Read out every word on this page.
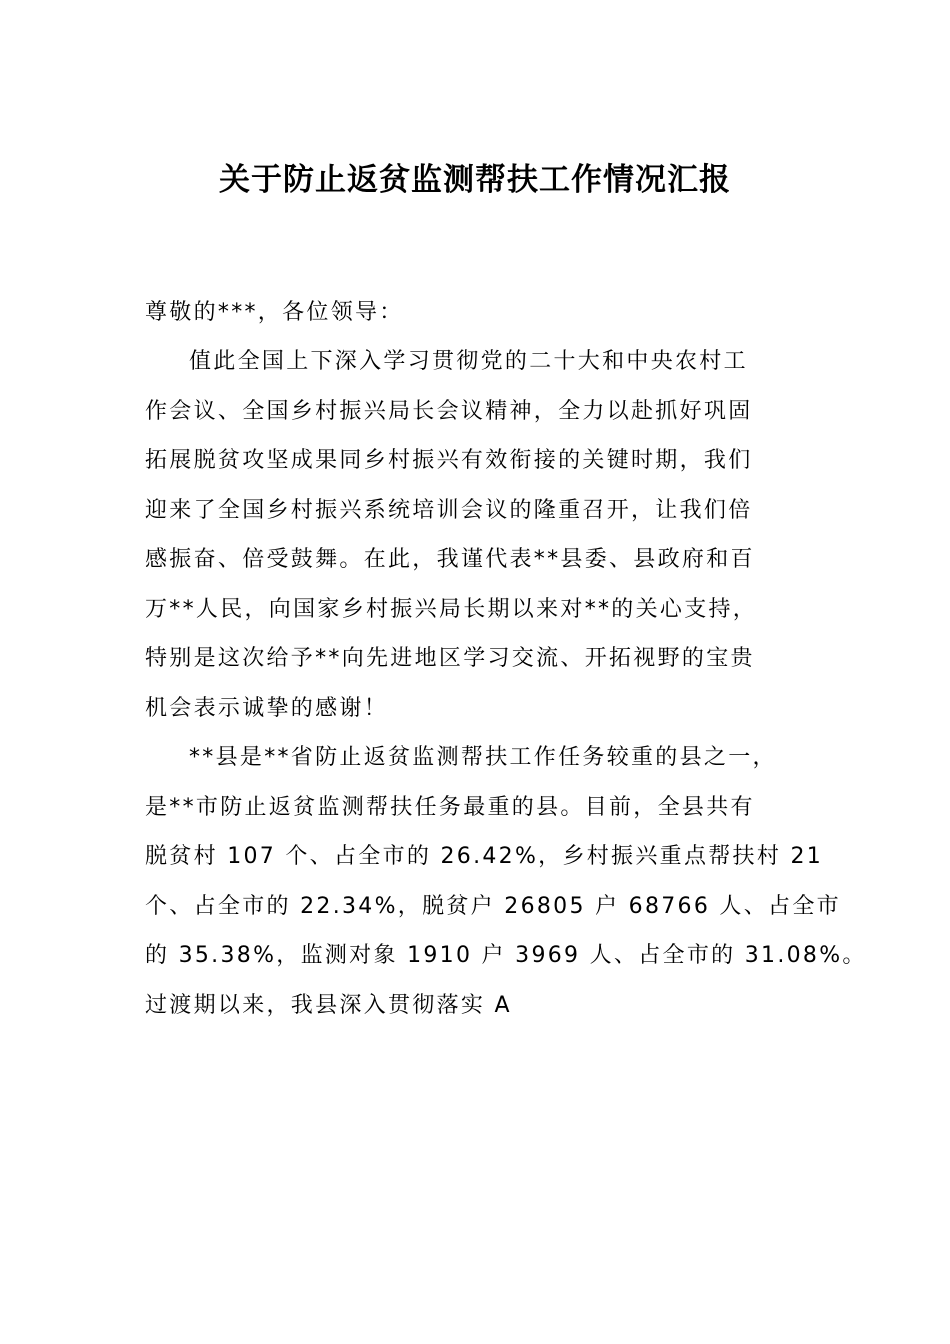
关于防止返贫监测帮扶工作情况汇报
尊敬的***，各位领导：
值此全国上下深入学习贯彻党的二十大和中央农村工
作会议、全国乡村振兴局长会议精神，全力以赴抓好巩固
拓展脱贫攻坚成果同乡村振兴有效衔接的关键时期，我们
迎来了全国乡村振兴系统培训会议的隆重召开，让我们倍
感振奋、倍受鼓舞。在此，我谨代表**县委、县政府和百
万**人民，向国家乡村振兴局长期以来对**的关心支持，
特别是这次给予**向先进地区学习交流、开拓视野的宝贵
机会表示诚挚的感谢！
**县是**省防止返贫监测帮扶工作任务较重的县之一，
是**市防止返贫监测帮扶任务最重的县。目前，全县共有
脱贫村 107 个、占全市的 26.42%，乡村振兴重点帮扶村 21
个、占全市的 22.34%，脱贫户 26805 户 68766 人、占全市
的 35.38%，监测对象 1910 户 3969 人、占全市的 31.08%。
过渡期以来，我县深入贯彻落实 A
